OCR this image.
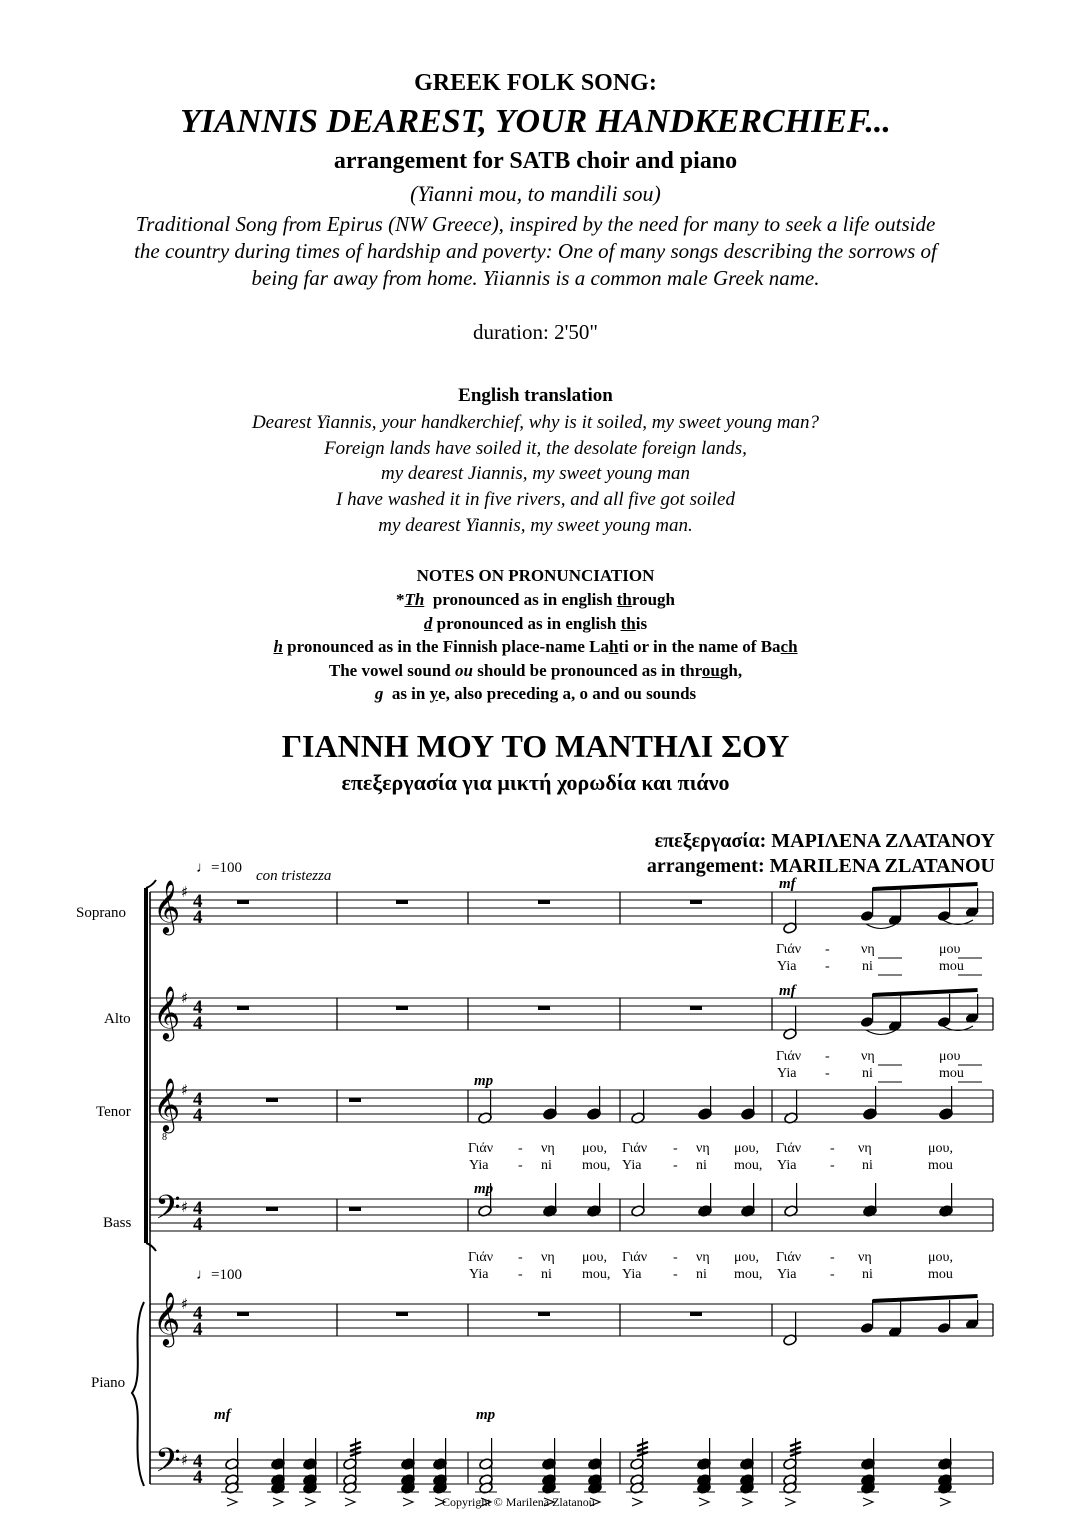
GREEK FOLK SONG:
YIANNIS DEAREST, YOUR HANDKERCHIEF...
arrangement for SATB choir and piano
(Yianni mou, to mandili sou)
Traditional Song from Epirus (NW Greece), inspired by the need for many to seek a life outside
the country during times of hardship and poverty: One of many songs describing the sorrows of
being far away from home. Yiiannis is a common male Greek name.
duration: 2'50"
English translation
Dearest Yiannis, your handkerchief, why is it soiled, my sweet young man?
Foreign lands have soiled it, the desolate foreign lands,
my dearest Jiannis, my sweet young man
I have washed it in five rivers, and all five got soiled
my dearest Yiannis, my sweet young man.
NOTES ON PRONUNCIATION
*Th  pronounced as in english through
d pronounced as in english this
h pronounced as in the Finnish place-name Lahti or in the name of Bach
The vowel sound ou should be pronounced as in through,
g  as in ye, also preceding a, o and ou sounds
ΓΙΑΝΝΗ ΜΟΥ ΤΟ ΜΑΝΤΗΛΙ ΣΟΥ
επεξεργασία για μικτή χορωδία και πιάνο
επεξεργασία: ΜΑΡΙΛΕΝΑ ΖΛΑΤΑΝΟΥ
arrangement: MARILENA ZLATANOU
♩=100 con tristezza
♩=100
Soprano
Alto
Tenor
Bass
Piano
mf
mf
mp
mp
mf	mp
Γιάν - νη	μου
Yia - ni	mou
Γιάν - νη	μου
Yia - ni	mou
Γιάν - νη μου, Γιάν - νη μου, Γιάν - νη	μου,
Yia - ni mou, Yia - ni mou, Yia - ni	mou
Γιάν - νη μου, Γιάν - νη μου, Γιάν - νη	μου,
Yia - ni mou, Yia - ni mou, Yia - ni	mou
𝄞 ♯ 4
4
𝄞 ♯ 4
4
𝄞
8
♯ 4
4
𝄢 ♯ 4
4
𝄞 ♯ 4
4
𝄢 ♯ 4
4
Copyright © Marilena Zlatanou
